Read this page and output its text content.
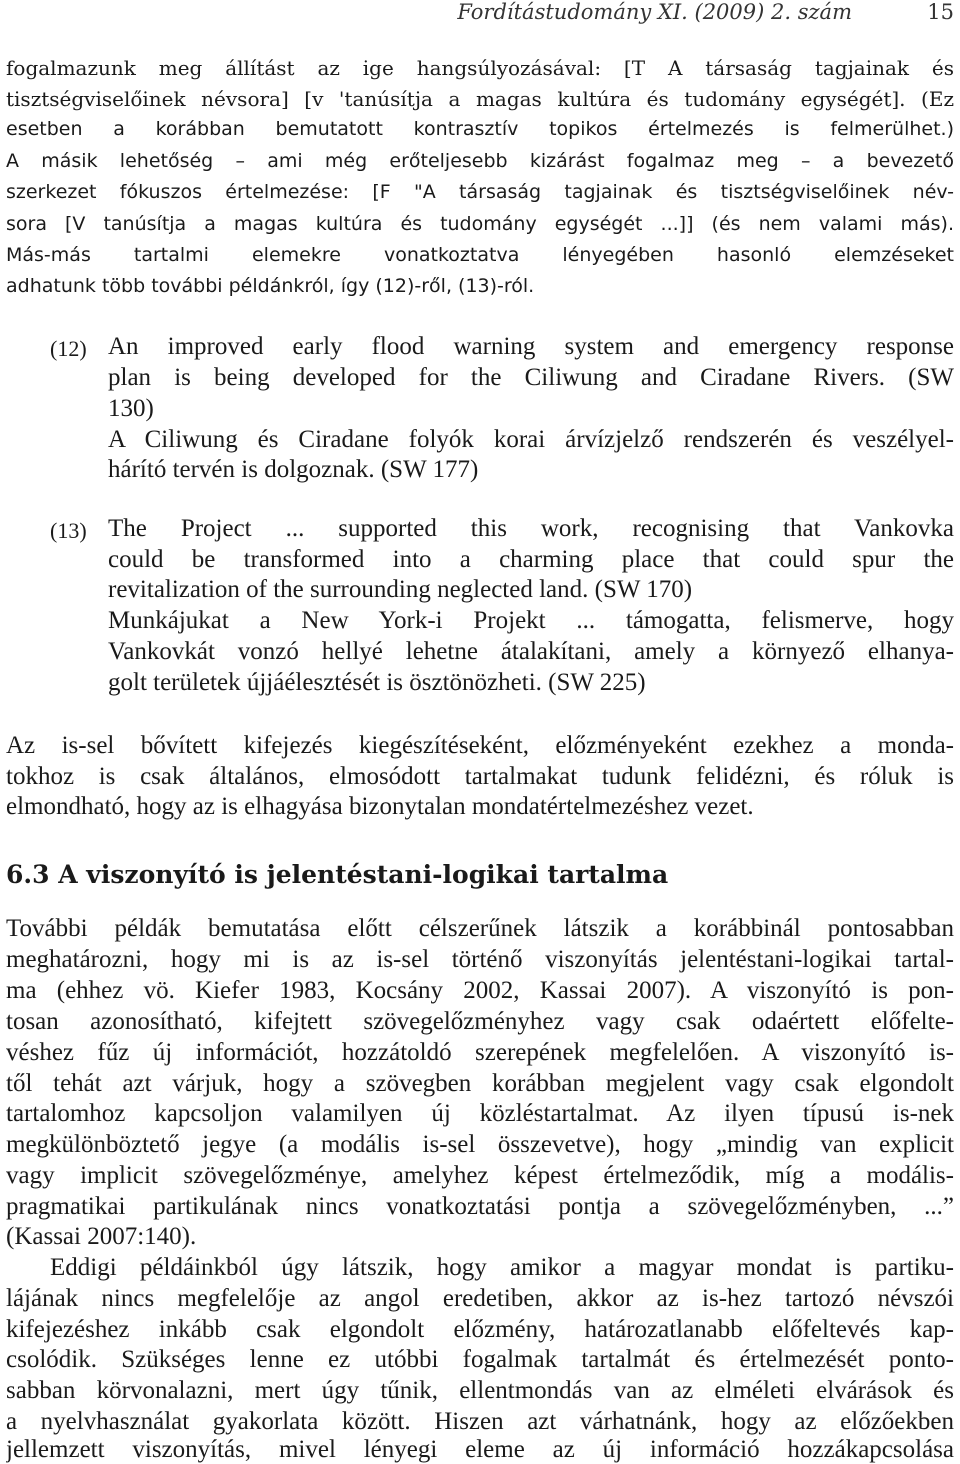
Fordítástudomány XI. (2009) 2. szám	15
fogalmazunk meg állítást az ige hangsúlyozásával: [T A társaság tagjainak és
tisztségviselőinek névsora] [v 'tanúsítja a magas kultúra és tudomány egységét]. (Ez
esetben a korábban bemutatott kontrasztív topikos értelmezés is felmerülhet.)
A másik lehetőség – ami még erőteljesebb kizárást fogalmaz meg – a bevezető
szerkezet fókuszos értelmezése: [F "A társaság tagjainak és tisztségviselőinek név-
sora [V tanúsítja a magas kultúra és tudomány egységét ...]] (és nem valami más).
Más-más tartalmi elemekre vonatkoztatva lényegében hasonló elemzéseket
adhatunk több további példánkról, így (12)-ről, (13)-ról.
(12) An improved early flood warning system and emergency response
plan is being developed for the Ciliwung and Ciradane Rivers. (SW
130)
A Ciliwung és Ciradane folyók korai árvízjelző rendszerén és veszélyel-
hárító tervén is dolgoznak. (SW 177)
(13) The Project ... supported this work, recognising that Vankovka
could be transformed into a charming place that could spur the
revitalization of the surrounding neglected land. (SW 170)
Munkájukat a New York-i Projekt ... támogatta, felismerve, hogy
Vankovkát vonzó hellyé lehetne átalakítani, amely a környező elhanya-
golt területek újjáélesztését is ösztönözheti. (SW 225)
Az is-sel bővített kifejezés kiegészítéseként, előzményeként ezekhez a monda-
tokhoz is csak általános, elmosódott tartalmakat tudunk felidézni, és róluk is
elmondható, hogy az is elhagyása bizonytalan mondatértelmezéshez vezet.
6.3 A viszonyító is jelentéstani-logikai tartalma
További példák bemutatása előtt célszerűnek látszik a korábbinál pontosabban
meghatározni, hogy mi is az is-sel történő viszonyítás jelentéstani-logikai tartal-
ma (ehhez vö. Kiefer 1983, Kocsány 2002, Kassai 2007). A viszonyító is pon-
tosan azonosítható, kifejtett szövegelőzményhez vagy csak odaértett előfelte-
véshez fűz új információt, hozzátoldó szerepének megfelelően. A viszonyító is-
től tehát azt várjuk, hogy a szövegben korábban megjelent vagy csak elgondolt
tartalomhoz kapcsoljon valamilyen új közléstartalmat. Az ilyen típusú is-nek
megkülönböztető jegye (a modális is-sel összevetve), hogy „mindig van explicit
vagy implicit szövegelőzménye, amelyhez képest értelmeződik, míg a modális-
pragmatikai partikulának nincs vonatkoztatási pontja a szövegelőzményben, ...”
(Kassai 2007:140).
Eddigi példáinkból úgy látszik, hogy amikor a magyar mondat is partiku-
lájának nincs megfelelője az angol eredetiben, akkor az is-hez tartozó névszói
kifejezéshez inkább csak elgondolt előzmény, határozatlanabb előfeltevés kap-
csolódik. Szükséges lenne ez utóbbi fogalmak tartalmát és értelmezését ponto-
sabban körvonalazni, mert úgy tűnik, ellentmondás van az elméleti elvárások és
a nyelvhasználat gyakorlata között. Hiszen azt várhatnánk, hogy az előzőekben
jellemzett viszonyítás, mivel lényegi eleme az új információ hozzákapcsolása
